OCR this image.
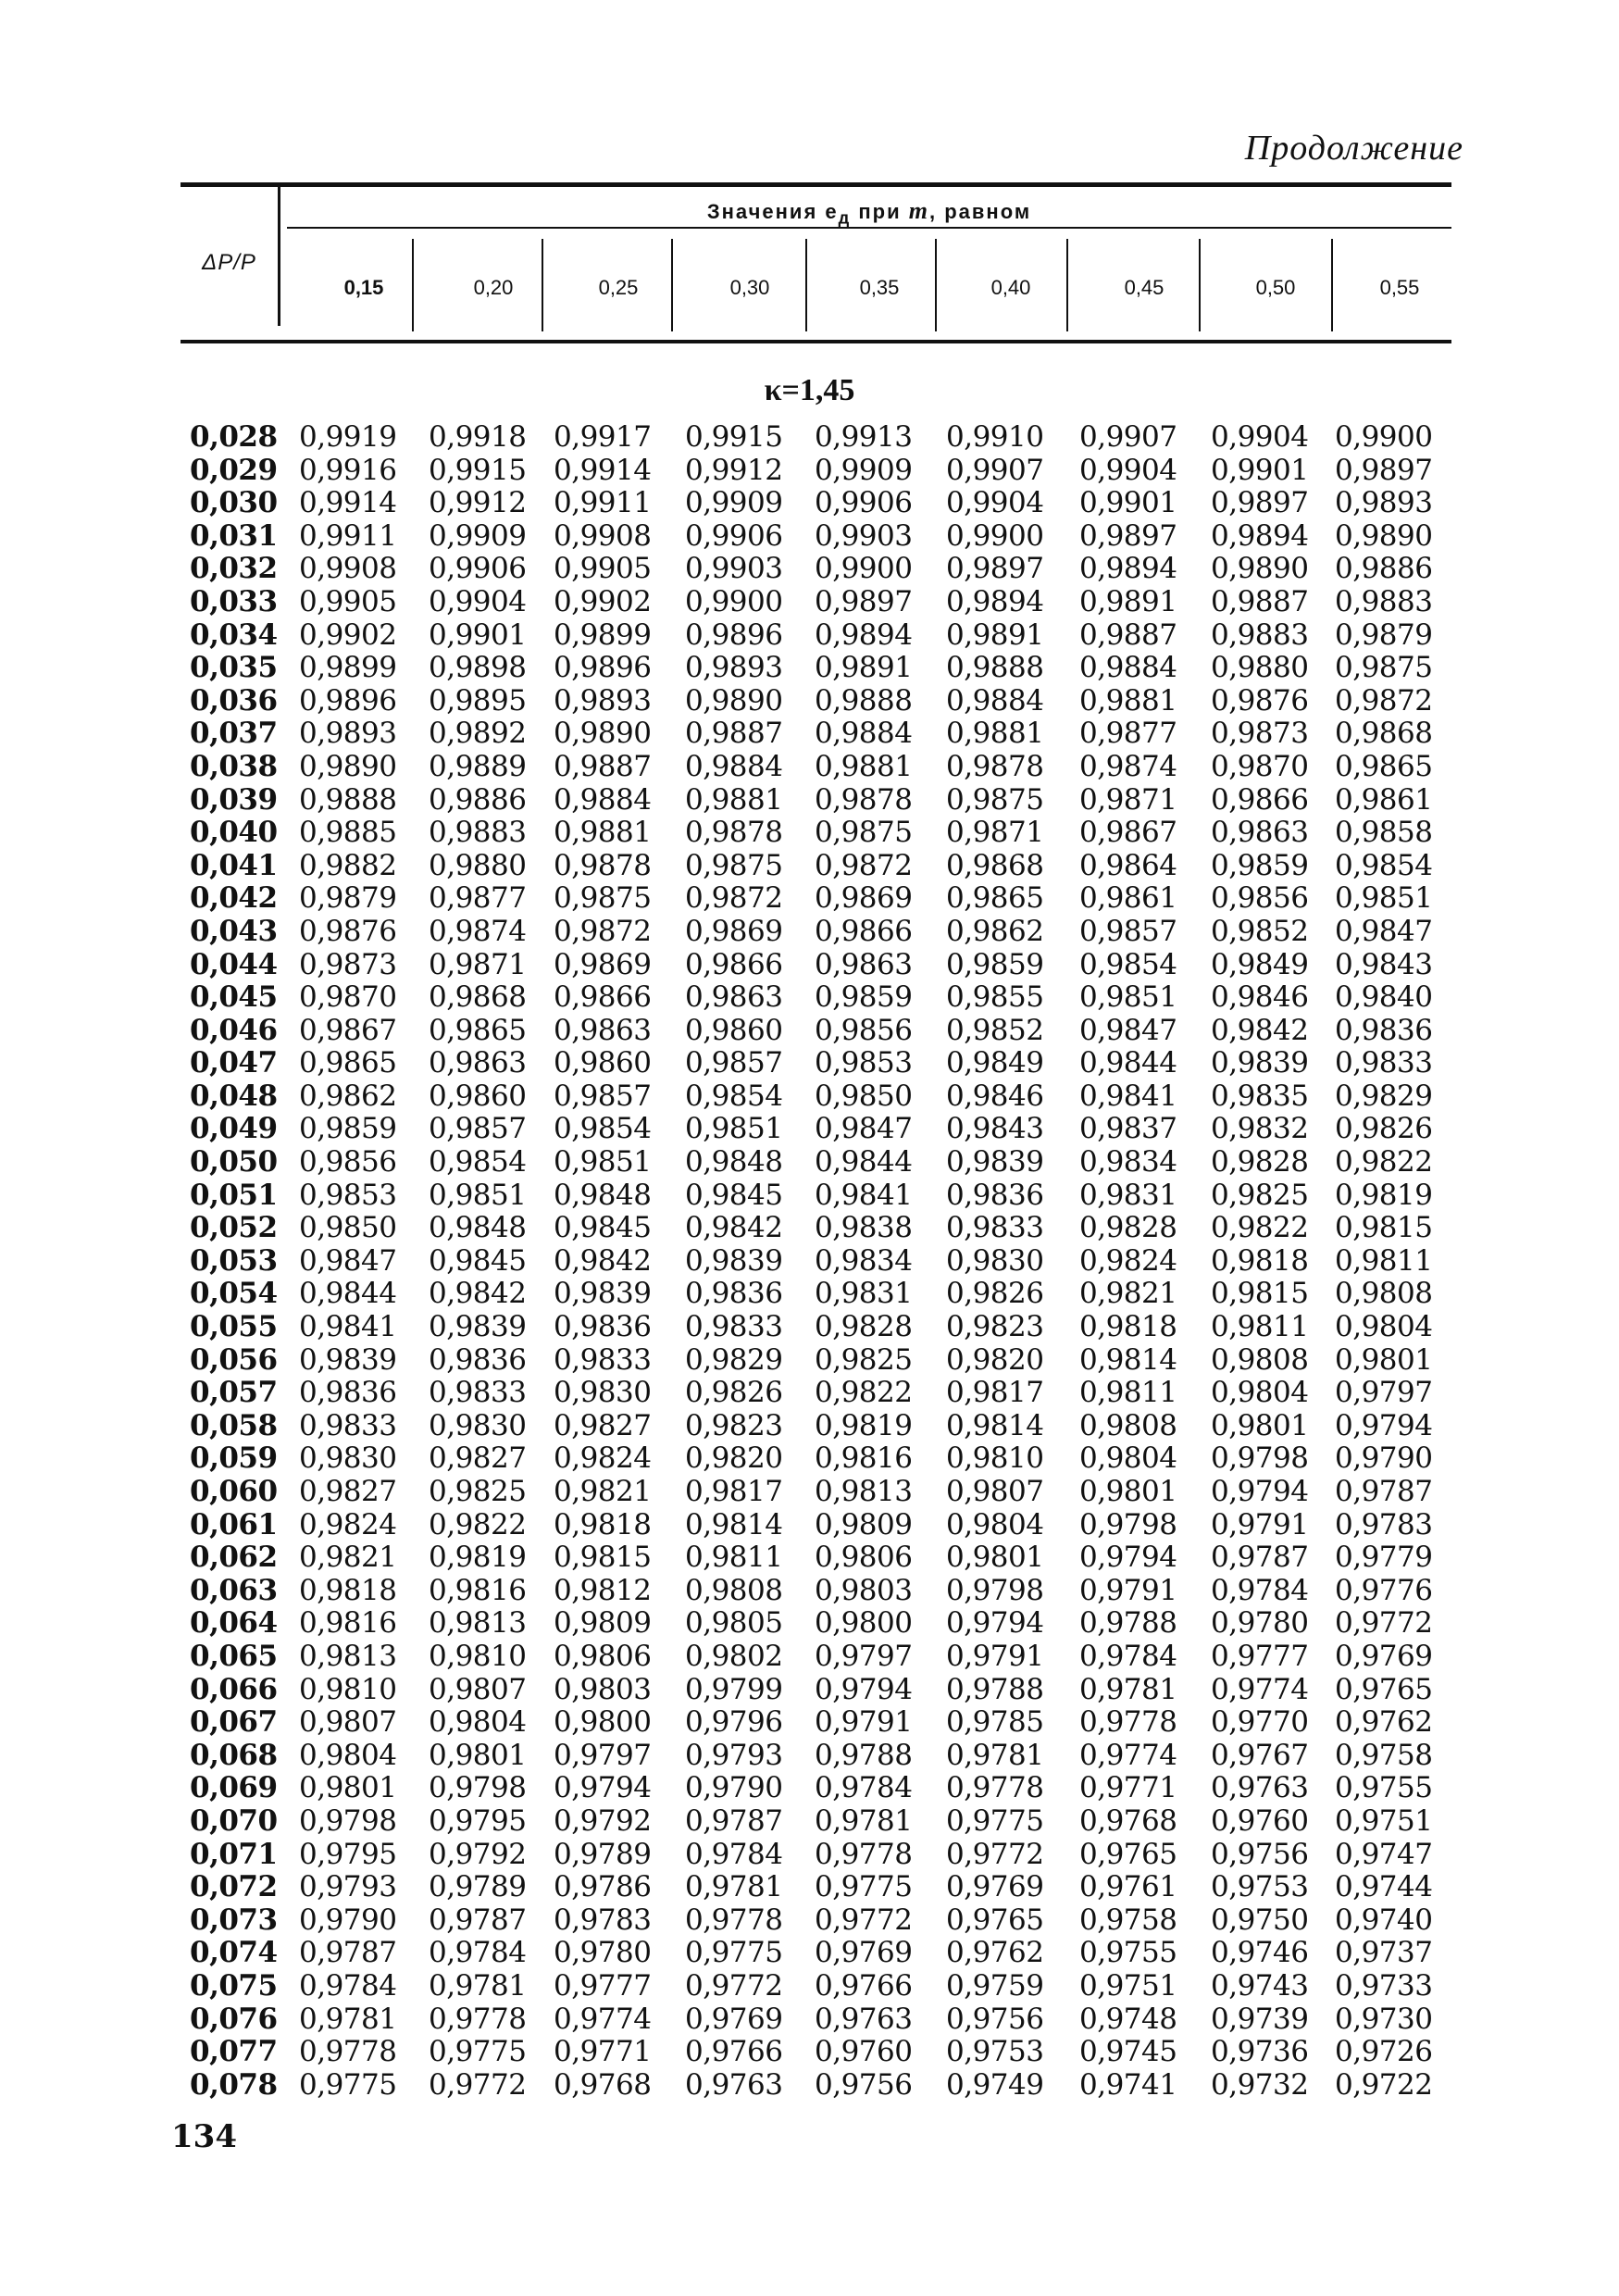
Продолжение
ΔP/P
Значения $e_д$ при m, равном
0,15	0,20	0,25	0,30	0,35	0,40	0,45	0,50	0,55
κ=1,45
0,028 0,9919 0,9918 0,9917 0,9915 0,9913 0,9910 0,9907 0,9904 0,9900
0,029 0,9916 0,9915 0,9914 0,9912 0,9909 0,9907 0,9904 0,9901 0,9897
0,030 0,9914 0,9912 0,9911 0,9909 0,9906 0,9904 0,9901 0,9897 0,9893
0,031 0,9911 0,9909 0,9908 0,9906 0,9903 0,9900 0,9897 0,9894 0,9890
0,032 0,9908 0,9906 0,9905 0,9903 0,9900 0,9897 0,9894 0,9890 0,9886
0,033 0,9905 0,9904 0,9902 0,9900 0,9897 0,9894 0,9891 0,9887 0,9883
0,034 0,9902 0,9901 0,9899 0,9896 0,9894 0,9891 0,9887 0,9883 0,9879
0,035 0,9899 0,9898 0,9896 0,9893 0,9891 0,9888 0,9884 0,9880 0,9875
0,036 0,9896 0,9895 0,9893 0,9890 0,9888 0,9884 0,9881 0,9876 0,9872
0,037 0,9893 0,9892 0,9890 0,9887 0,9884 0,9881 0,9877 0,9873 0,9868
0,038 0,9890 0,9889 0,9887 0,9884 0,9881 0,9878 0,9874 0,9870 0,9865
0,039 0,9888 0,9886 0,9884 0,9881 0,9878 0,9875 0,9871 0,9866 0,9861
0,040 0,9885 0,9883 0,9881 0,9878 0,9875 0,9871 0,9867 0,9863 0,9858
0,041 0,9882 0,9880 0,9878 0,9875 0,9872 0,9868 0,9864 0,9859 0,9854
0,042 0,9879 0,9877 0,9875 0,9872 0,9869 0,9865 0,9861 0,9856 0,9851
0,043 0,9876 0,9874 0,9872 0,9869 0,9866 0,9862 0,9857 0,9852 0,9847
0,044 0,9873 0,9871 0,9869 0,9866 0,9863 0,9859 0,9854 0,9849 0,9843
0,045 0,9870 0,9868 0,9866 0,9863 0,9859 0,9855 0,9851 0,9846 0,9840
0,046 0,9867 0,9865 0,9863 0,9860 0,9856 0,9852 0,9847 0,9842 0,9836
0,047 0,9865 0,9863 0,9860 0,9857 0,9853 0,9849 0,9844 0,9839 0,9833
0,048 0,9862 0,9860 0,9857 0,9854 0,9850 0,9846 0,9841 0,9835 0,9829
0,049 0,9859 0,9857 0,9854 0,9851 0,9847 0,9843 0,9837 0,9832 0,9826
0,050 0,9856 0,9854 0,9851 0,9848 0,9844 0,9839 0,9834 0,9828 0,9822
0,051 0,9853 0,9851 0,9848 0,9845 0,9841 0,9836 0,9831 0,9825 0,9819
0,052 0,9850 0,9848 0,9845 0,9842 0,9838 0,9833 0,9828 0,9822 0,9815
0,053 0,9847 0,9845 0,9842 0,9839 0,9834 0,9830 0,9824 0,9818 0,9811
0,054 0,9844 0,9842 0,9839 0,9836 0,9831 0,9826 0,9821 0,9815 0,9808
0,055 0,9841 0,9839 0,9836 0,9833 0,9828 0,9823 0,9818 0,9811 0,9804
0,056 0,9839 0,9836 0,9833 0,9829 0,9825 0,9820 0,9814 0,9808 0,9801
0,057 0,9836 0,9833 0,9830 0,9826 0,9822 0,9817 0,9811 0,9804 0,9797
0,058 0,9833 0,9830 0,9827 0,9823 0,9819 0,9814 0,9808 0,9801 0,9794
0,059 0,9830 0,9827 0,9824 0,9820 0,9816 0,9810 0,9804 0,9798 0,9790
0,060 0,9827 0,9825 0,9821 0,9817 0,9813 0,9807 0,9801 0,9794 0,9787
0,061 0,9824 0,9822 0,9818 0,9814 0,9809 0,9804 0,9798 0,9791 0,9783
0,062 0,9821 0,9819 0,9815 0,9811 0,9806 0,9801 0,9794 0,9787 0,9779
0,063 0,9818 0,9816 0,9812 0,9808 0,9803 0,9798 0,9791 0,9784 0,9776
0,064 0,9816 0,9813 0,9809 0,9805 0,9800 0,9794 0,9788 0,9780 0,9772
0,065 0,9813 0,9810 0,9806 0,9802 0,9797 0,9791 0,9784 0,9777 0,9769
0,066 0,9810 0,9807 0,9803 0,9799 0,9794 0,9788 0,9781 0,9774 0,9765
0,067 0,9807 0,9804 0,9800 0,9796 0,9791 0,9785 0,9778 0,9770 0,9762
0,068 0,9804 0,9801 0,9797 0,9793 0,9788 0,9781 0,9774 0,9767 0,9758
0,069 0,9801 0,9798 0,9794 0,9790 0,9784 0,9778 0,9771 0,9763 0,9755
0,070 0,9798 0,9795 0,9792 0,9787 0,9781 0,9775 0,9768 0,9760 0,9751
0,071 0,9795 0,9792 0,9789 0,9784 0,9778 0,9772 0,9765 0,9756 0,9747
0,072 0,9793 0,9789 0,9786 0,9781 0,9775 0,9769 0,9761 0,9753 0,9744
0,073 0,9790 0,9787 0,9783 0,9778 0,9772 0,9765 0,9758 0,9750 0,9740
0,074 0,9787 0,9784 0,9780 0,9775 0,9769 0,9762 0,9755 0,9746 0,9737
0,075 0,9784 0,9781 0,9777 0,9772 0,9766 0,9759 0,9751 0,9743 0,9733
0,076 0,9781 0,9778 0,9774 0,9769 0,9763 0,9756 0,9748 0,9739 0,9730
0,077 0,9778 0,9775 0,9771 0,9766 0,9760 0,9753 0,9745 0,9736 0,9726
0,078 0,9775 0,9772 0,9768 0,9763 0,9756 0,9749 0,9741 0,9732 0,9722
134
